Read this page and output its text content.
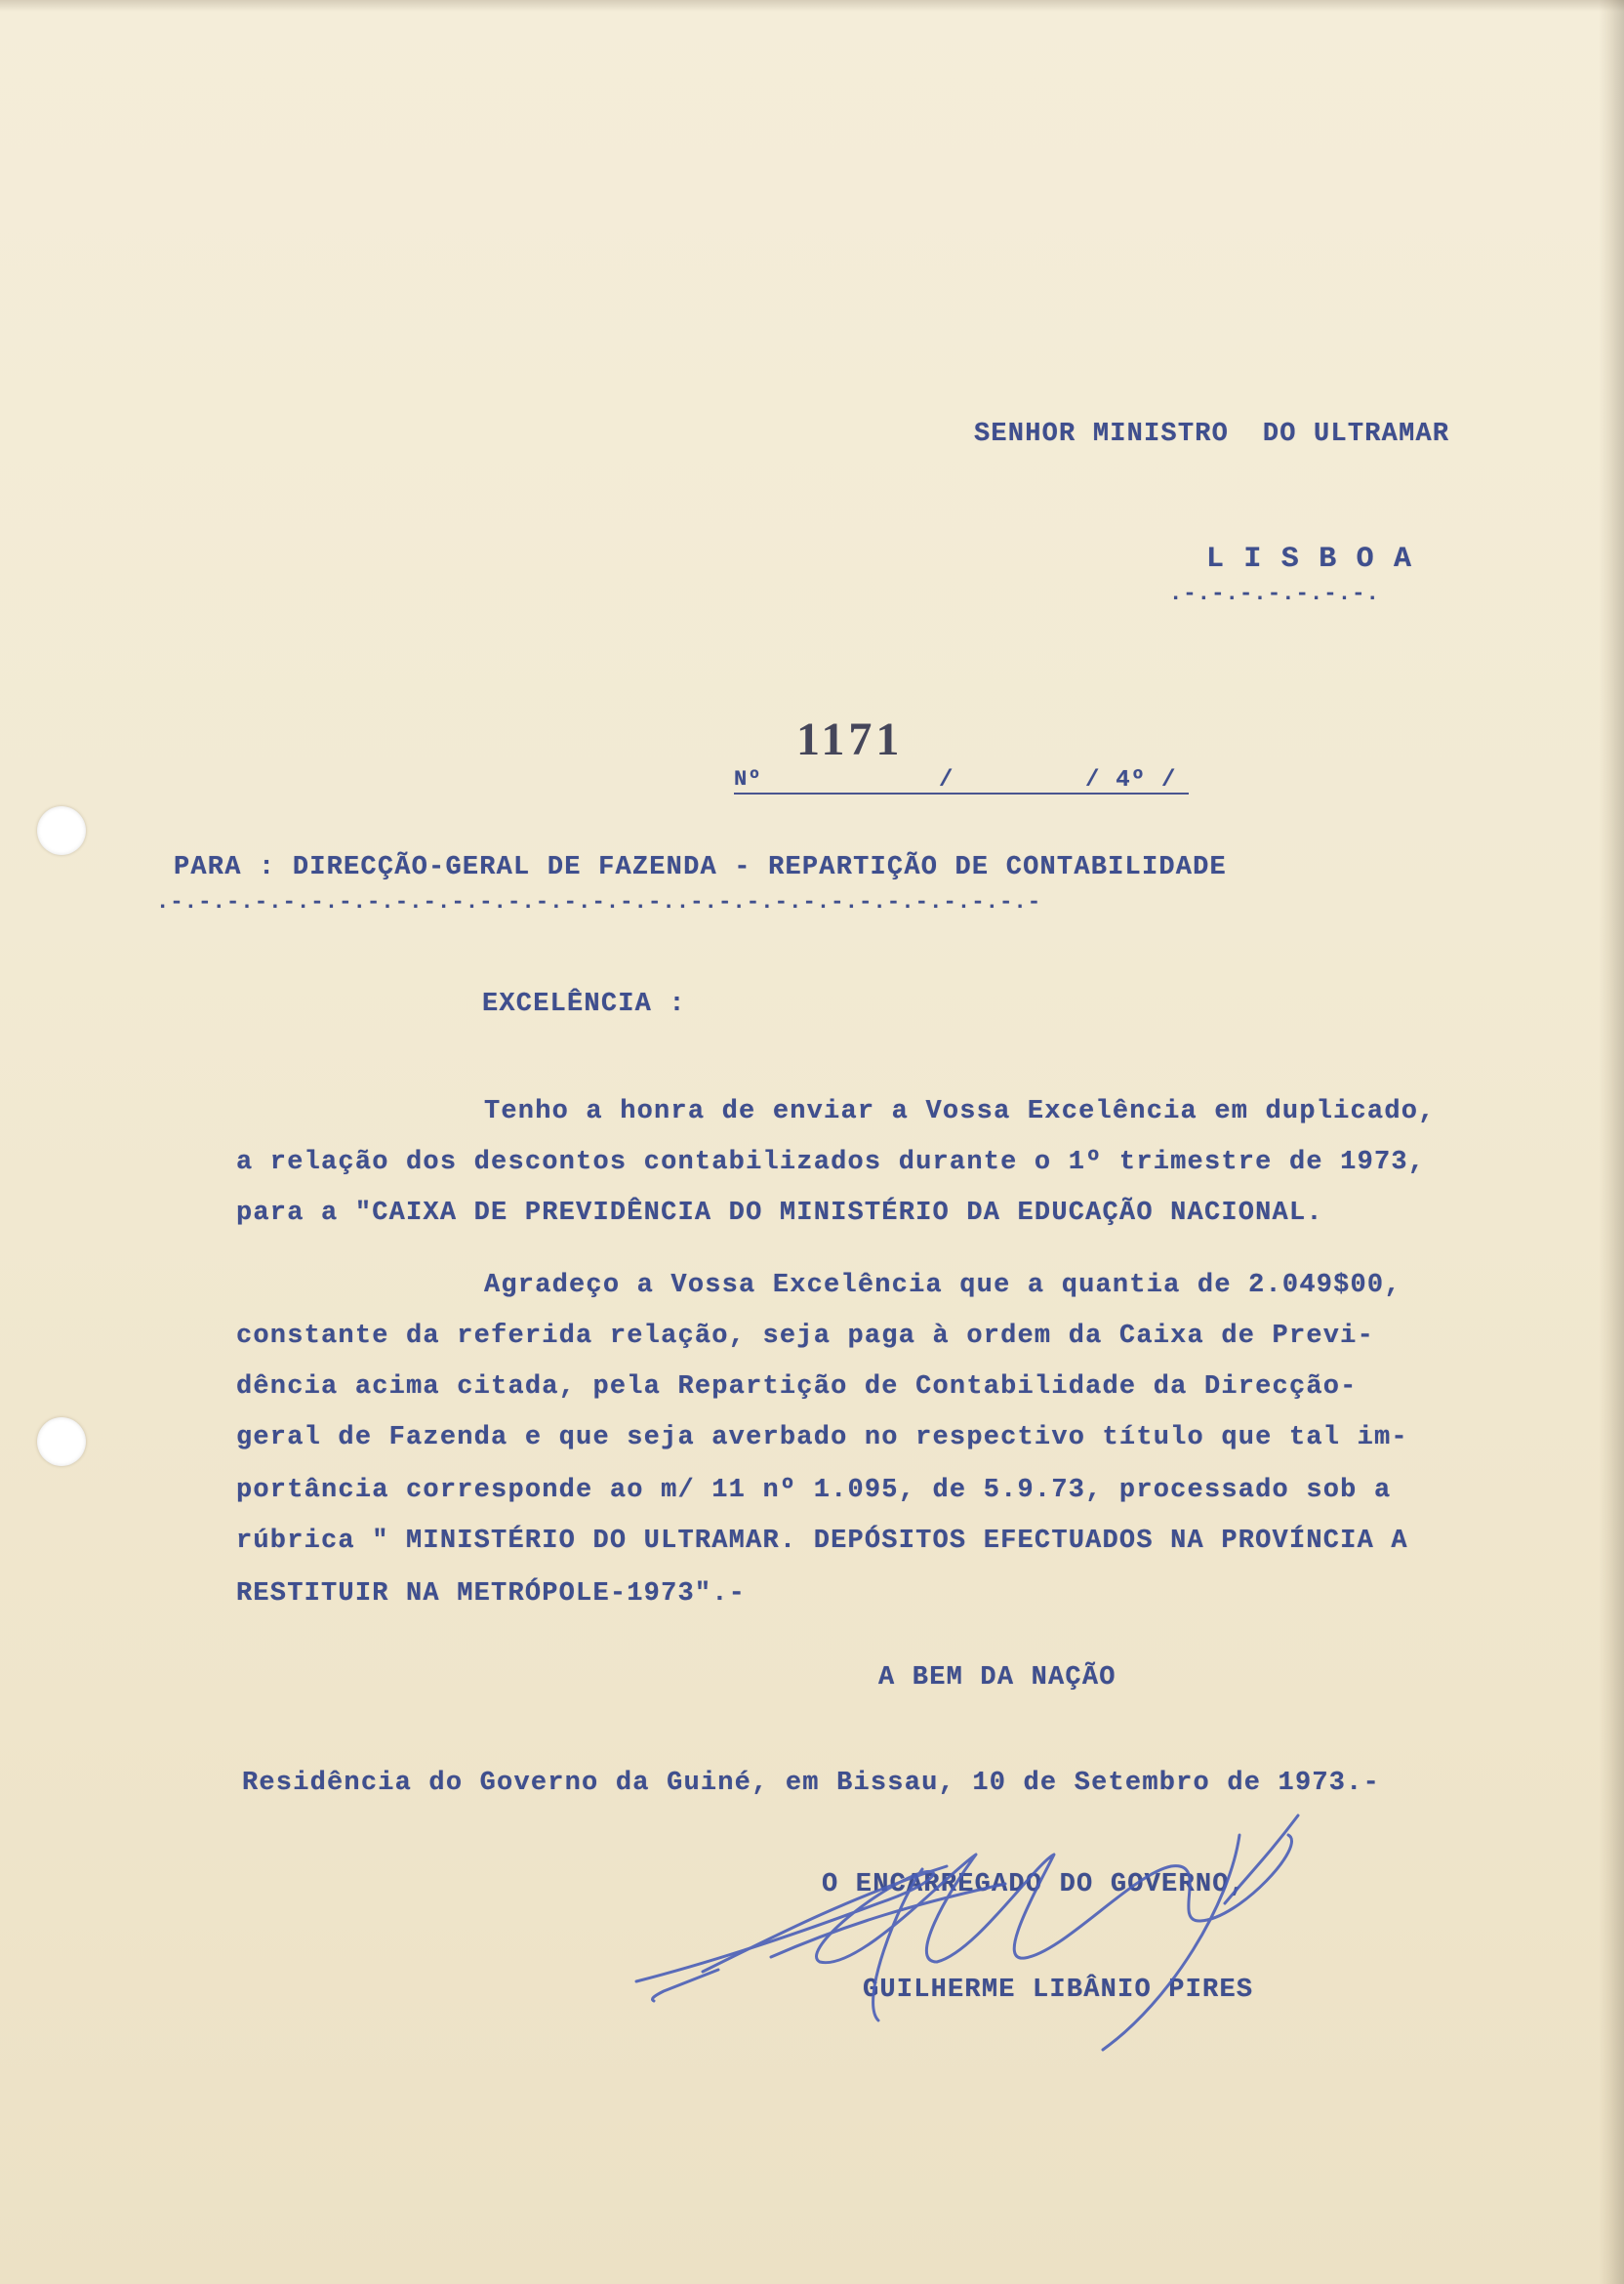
SENHOR MINISTRO  DO ULTRAMAR
L I S B O A
.-.-.-.-.-.-.-.
Nº
1171
/	/ 4º /
PARA : DIRECÇÃO-GERAL DE FAZENDA - REPARTIÇÃO DE CONTABILIDADE
.-.-.-.-.-.-.-.-.-.-.-.-.-.-.-.-.-.-..-.-.-.-.-.-.-.-.-.-.-.-.-
EXCELÊNCIA :
Tenho a honra de enviar a Vossa Excelência em duplicado,
a relação dos descontos contabilizados durante o 1º trimestre de 1973,
para a "CAIXA DE PREVIDÊNCIA DO MINISTÉRIO DA EDUCAÇÃO NACIONAL.
Agradeço a Vossa Excelência que a quantia de 2.049$00,
constante da referida relação, seja paga à ordem da Caixa de Previ-
dência acima citada, pela Repartição de Contabilidade da Direcção-
geral de Fazenda e que seja averbado no respectivo título que tal im-
portância corresponde ao m/ 11 nº 1.095, de 5.9.73, processado sob a
rúbrica " MINISTÉRIO DO ULTRAMAR. DEPÓSITOS EFECTUADOS NA PROVÍNCIA A
RESTITUIR NA METRÓPOLE-1973".-
A BEM DA NAÇÃO
Residência do Governo da Guiné, em Bissau, 10 de Setembro de 1973.-
O ENCARREGADO DO GOVERNO,
GUILHERME LIBÂNIO PIRES
